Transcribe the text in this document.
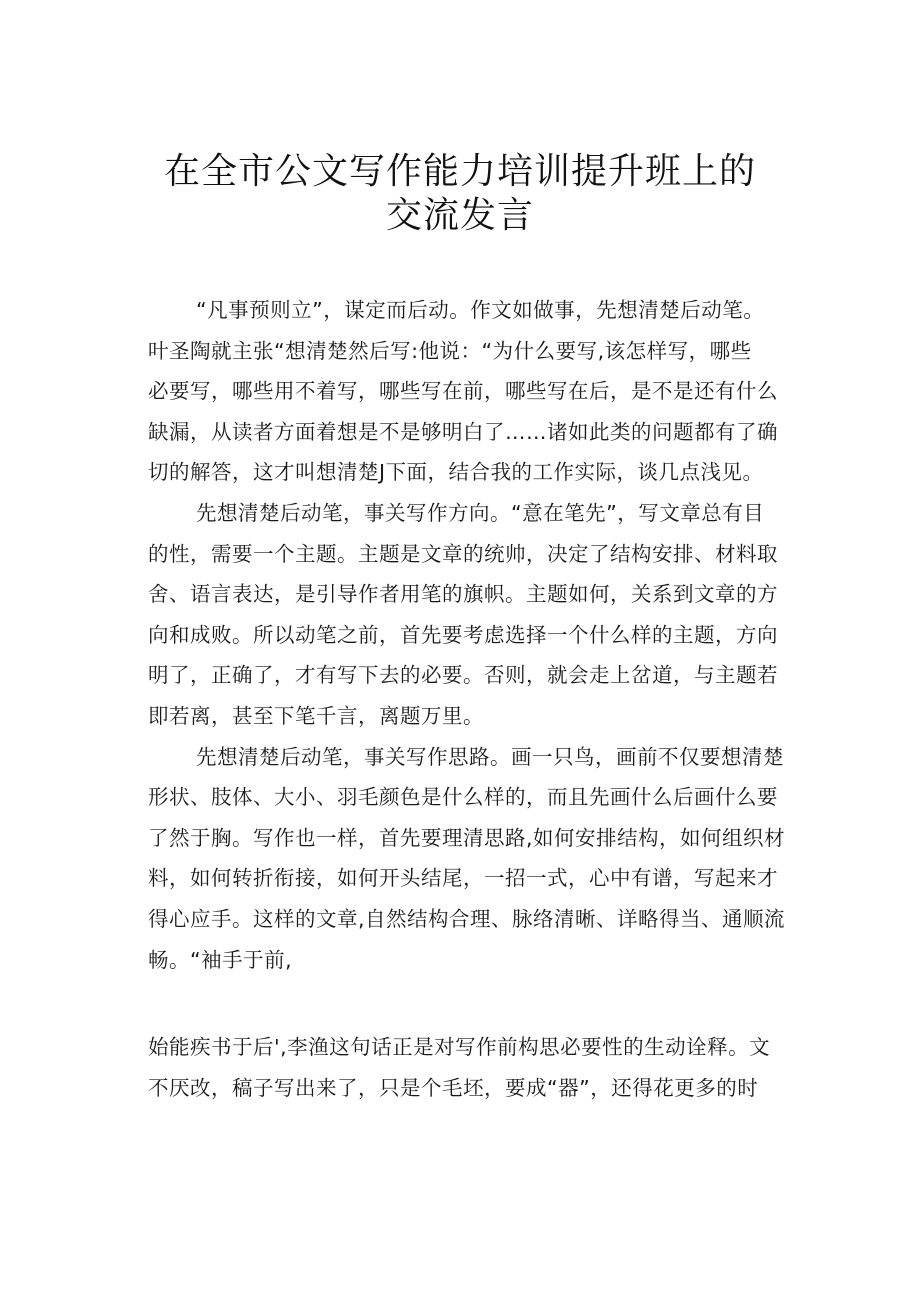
在全市公文写作能力培训提升班上的
交流发言
“凡事预则立”，谋定而后动。作文如做事，先想清楚后动笔。
叶圣陶就主张“想清楚然后写:他说：“为什么要写,该怎样写，哪些
必要写，哪些用不着写，哪些写在前，哪些写在后，是不是还有什么
缺漏，从读者方面着想是不是够明白了……诸如此类的问题都有了确
切的解答，这才叫想清楚J下面，结合我的工作实际，谈几点浅见。
先想清楚后动笔，事关写作方向。“意在笔先”，写文章总有目
的性，需要一个主题。主题是文章的统帅，决定了结构安排、材料取
舍、语言表达，是引导作者用笔的旗帜。主题如何，关系到文章的方
向和成败。所以动笔之前，首先要考虑选择一个什么样的主题，方向
明了，正确了，才有写下去的必要。否则，就会走上岔道，与主题若
即若离，甚至下笔千言，离题万里。
先想清楚后动笔，事关写作思路。画一只鸟，画前不仅要想清楚
形状、肢体、大小、羽毛颜色是什么样的，而且先画什么后画什么要
了然于胸。写作也一样，首先要理清思路,如何安排结构，如何组织材
料，如何转折衔接，如何开头结尾，一招一式，心中有谱，写起来才
得心应手。这样的文章,自然结构合理、脉络清晰、详略得当、通顺流
畅。“袖手于前,
始能疾书于后',李渔这句话正是对写作前构思必要性的生动诠释。文
不厌改，稿子写出来了，只是个毛坯，要成“器”，还得花更多的时
